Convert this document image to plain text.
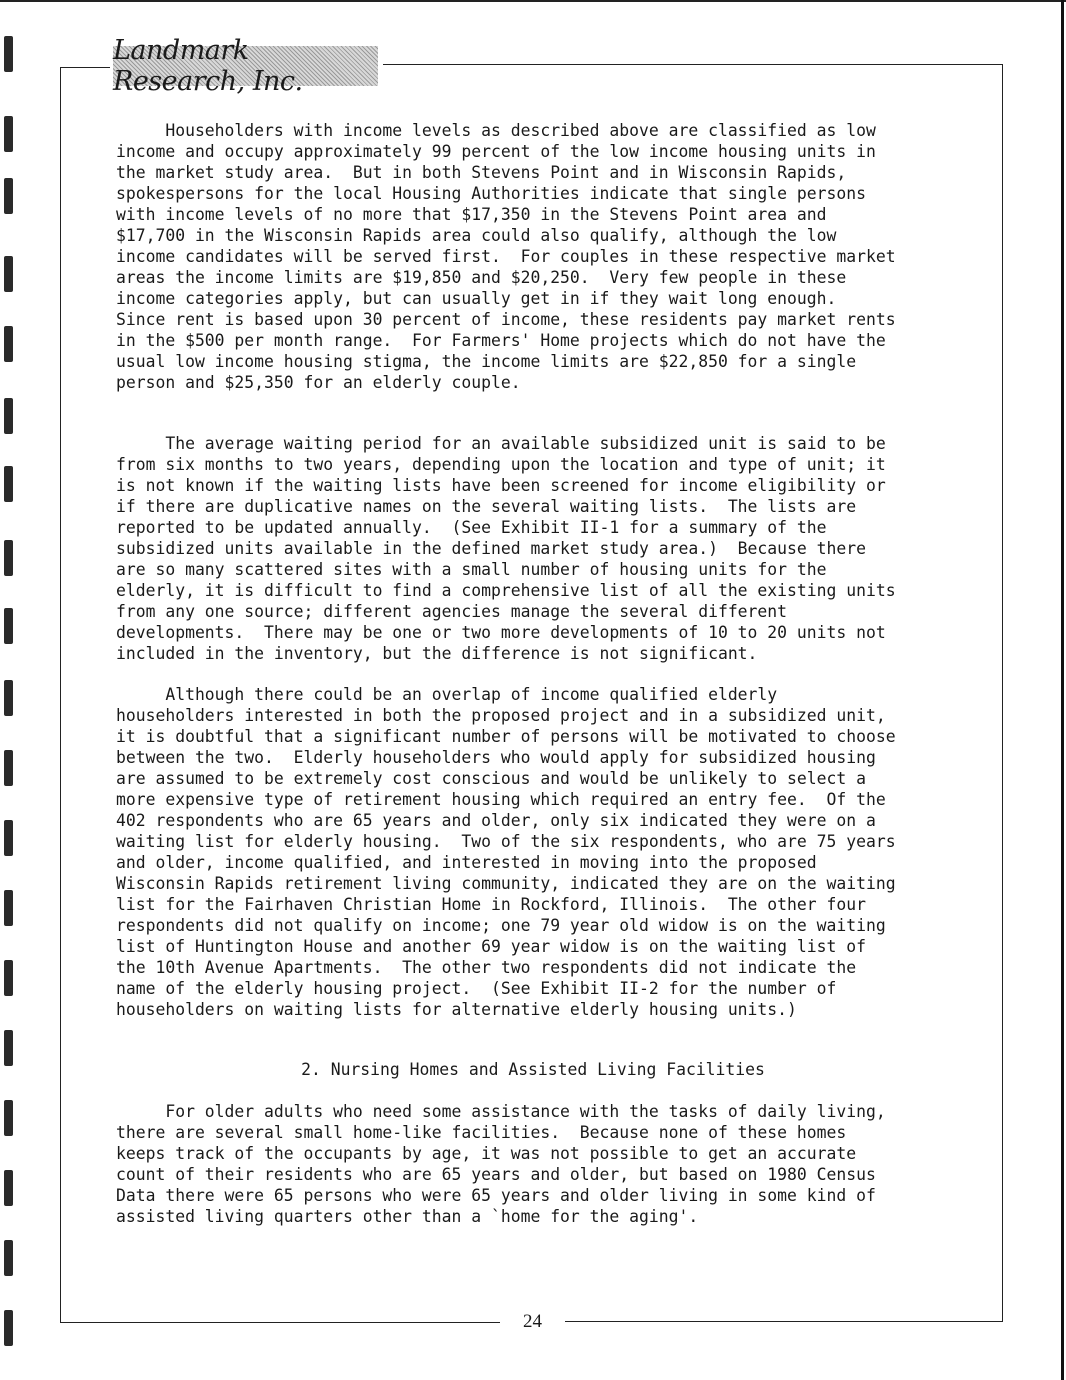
Landmark Research, Inc.
Householders with income levels as described above are classified as low
income and occupy approximately 99 percent of the low income housing units in
the market study area.  But in both Stevens Point and in Wisconsin Rapids,
spokespersons for the local Housing Authorities indicate that single persons
with income levels of no more that $17,350 in the Stevens Point area and
$17,700 in the Wisconsin Rapids area could also qualify, although the low
income candidates will be served first.  For couples in these respective market
areas the income limits are $19,850 and $20,250.  Very few people in these
income categories apply, but can usually get in if they wait long enough.
Since rent is based upon 30 percent of income, these residents pay market rents
in the $500 per month range.  For Farmers' Home projects which do not have the
usual low income housing stigma, the income limits are $22,850 for a single
person and $25,350 for an elderly couple.
The average waiting period for an available subsidized unit is said to be
from six months to two years, depending upon the location and type of unit; it
is not known if the waiting lists have been screened for income eligibility or
if there are duplicative names on the several waiting lists.  The lists are
reported to be updated annually.  (See Exhibit II-1 for a summary of the
subsidized units available in the defined market study area.)  Because there
are so many scattered sites with a small number of housing units for the
elderly, it is difficult to find a comprehensive list of all the existing units
from any one source; different agencies manage the several different
developments.  There may be one or two more developments of 10 to 20 units not
included in the inventory, but the difference is not significant.
Although there could be an overlap of income qualified elderly
householders interested in both the proposed project and in a subsidized unit,
it is doubtful that a significant number of persons will be motivated to choose
between the two.  Elderly householders who would apply for subsidized housing
are assumed to be extremely cost conscious and would be unlikely to select a
more expensive type of retirement housing which required an entry fee.  Of the
402 respondents who are 65 years and older, only six indicated they were on a
waiting list for elderly housing.  Two of the six respondents, who are 75 years
and older, income qualified, and interested in moving into the proposed
Wisconsin Rapids retirement living community, indicated they are on the waiting
list for the Fairhaven Christian Home in Rockford, Illinois.  The other four
respondents did not qualify on income; one 79 year old widow is on the waiting
list of Huntington House and another 69 year widow is on the waiting list of
the 10th Avenue Apartments.  The other two respondents did not indicate the
name of the elderly housing project.  (See Exhibit II-2 for the number of
householders on waiting lists for alternative elderly housing units.)
2. Nursing Homes and Assisted Living Facilities
For older adults who need some assistance with the tasks of daily living,
there are several small home-like facilities.  Because none of these homes
keeps track of the occupants by age, it was not possible to get an accurate
count of their residents who are 65 years and older, but based on 1980 Census
Data there were 65 persons who were 65 years and older living in some kind of
assisted living quarters other than a `home for the aging'.
24
